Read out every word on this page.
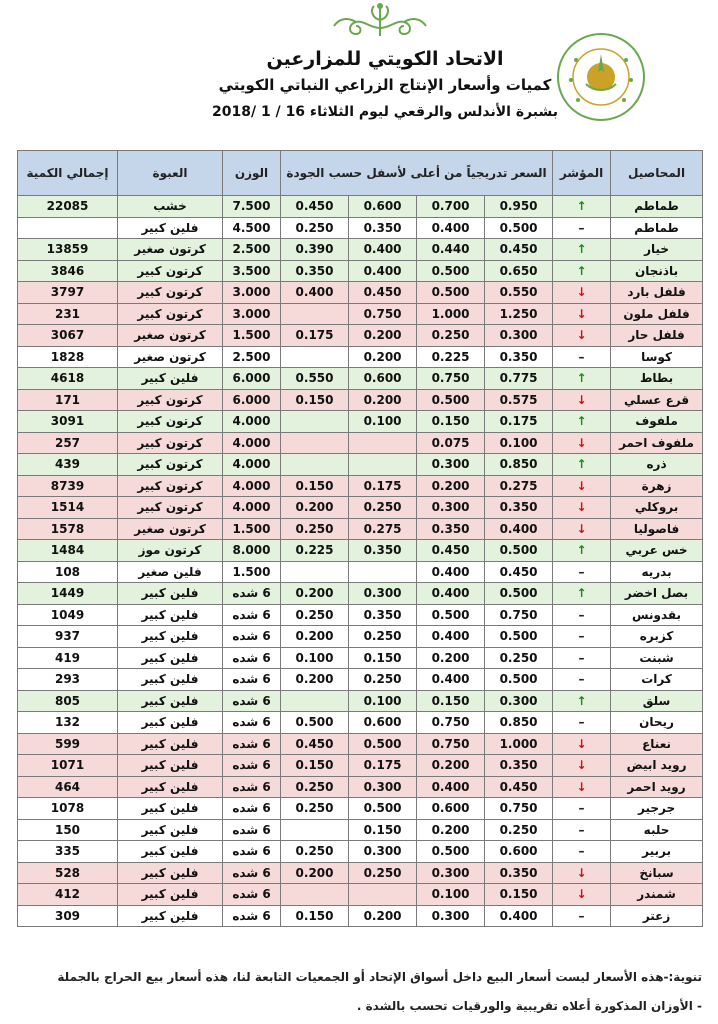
الاتحاد الكويتي للمزارعين
كميات وأسعار الإنتاج الزراعي النباتي الكويتي
بشبرة الأندلس والرقعي ليوم الثلاثاء 16 / 1 /2018
المحاصيل	المؤشر	السعر تدريجياً من أعلى لأسفل حسب الجودة				الوزن	العبوة	إجمالي الكمية
طماطم	↑	0.950	0.700	0.600	0.450	7.500	خشب	22085
طماطم	–	0.500	0.400	0.350	0.250	4.500	فلين كبير	
خيار	↑	0.450	0.440	0.400	0.390	2.500	كرتون صغير	13859
باذنجان	↑	0.650	0.500	0.400	0.350	3.500	كرتون كبير	3846
فلفل بارد	↓	0.550	0.500	0.450	0.400	3.000	كرتون كبير	3797
فلفل ملون	↓	1.250	1.000	0.750		3.000	كرتون كبير	231
فلفل حار	↓	0.300	0.250	0.200	0.175	1.500	كرتون صغير	3067
كوسا	–	0.350	0.225	0.200		2.500	كرتون صغير	1828
بطاط	↑	0.775	0.750	0.600	0.550	6.000	فلين كبير	4618
قرع عسلي	↓	0.575	0.500	0.200	0.150	6.000	كرتون كبير	171
ملفوف	↑	0.175	0.150	0.100		4.000	كرتون كبير	3091
ملفوف احمر	↓	0.100	0.075			4.000	كرتون كبير	257
ذره	↑	0.850	0.300			4.000	كرتون كبير	439
زهرة	↓	0.275	0.200	0.175	0.150	4.000	كرتون كبير	8739
بروكلي	↓	0.350	0.300	0.250	0.200	4.000	كرتون كبير	1514
فاصوليا	↓	0.400	0.350	0.275	0.250	1.500	كرتون صغير	1578
خس عربي	↑	0.500	0.450	0.350	0.225	8.000	كرتون موز	1484
بدريه	–	0.450	0.400			1.500	فلين صغير	108
بصل اخضر	↑	0.500	0.400	0.300	0.200	6 شده	فلين كبير	1449
بقدونس	–	0.750	0.500	0.350	0.250	6 شده	فلين كبير	1049
كزبره	–	0.500	0.400	0.250	0.200	6 شده	فلين كبير	937
شبنت	–	0.250	0.200	0.150	0.100	6 شده	فلين كبير	419
كرات	–	0.500	0.400	0.250	0.200	6 شده	فلين كبير	293
سلق	↑	0.300	0.150	0.100		6 شده	فلين كبير	805
ريحان	–	0.850	0.750	0.600	0.500	6 شده	فلين كبير	132
نعناع	↓	1.000	0.750	0.500	0.450	6 شده	فلين كبير	599
رويد ابيض	↓	0.350	0.200	0.175	0.150	6 شده	فلين كبير	1071
رويد احمر	↓	0.450	0.400	0.300	0.250	6 شده	فلين كبير	464
جرجير	–	0.750	0.600	0.500	0.250	6 شده	فلين كبير	1078
حلبه	–	0.250	0.200	0.150		6 شده	فلين كبير	150
بربير	–	0.600	0.500	0.300	0.250	6 شده	فلين كبير	335
سبانخ	↓	0.350	0.300	0.250	0.200	6 شده	فلين كبير	528
شمندر	↓	0.150	0.100			6 شده	فلين كبير	412
زعتر	–	0.400	0.300	0.200	0.150	6 شده	فلين كبير	309
تنوية:-هذه الأسعار ليست أسعار البيع داخل أسواق الإتحاد أو الجمعيات التابعة لنا، هذه أسعار بيع الحراج بالجملة
- الأوزان المذكورة أعلاه تقريبية والورقيات تحسب بالشدة .
